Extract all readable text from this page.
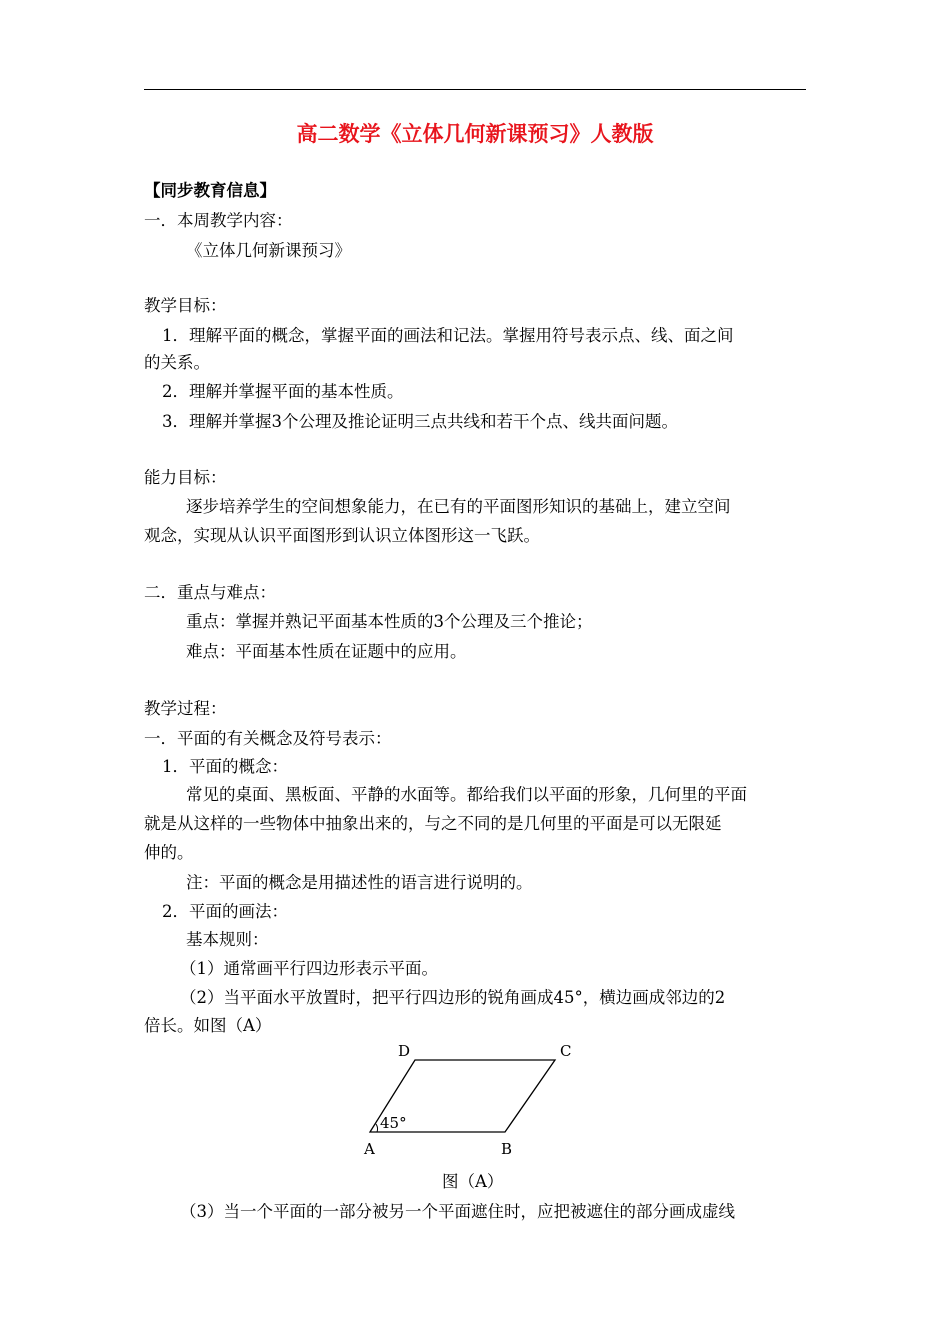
高二数学《立体几何新课预习》人教版
【同步教育信息】
一．本周教学内容：
《立体几何新课预习》
教学目标：
1．理解平面的概念，掌握平面的画法和记法。掌握用符号表示点、线、面之间
的关系。
2．理解并掌握平面的基本性质。
3．理解并掌握3个公理及推论证明三点共线和若干个点、线共面问题。
能力目标：
逐步培养学生的空间想象能力，在已有的平面图形知识的基础上，建立空间
观念，实现从认识平面图形到认识立体图形这一飞跃。
二．重点与难点：
重点：掌握并熟记平面基本性质的3个公理及三个推论；
难点：平面基本性质在证题中的应用。
教学过程：
一．平面的有关概念及符号表示：
1．平面的概念：
常见的桌面、黑板面、平静的水面等。都给我们以平面的形象，几何里的平面
就是从这样的一些物体中抽象出来的，与之不同的是几何里的平面是可以无限延
伸的。
注：平面的概念是用描述性的语言进行说明的。
2．平面的画法：
基本规则：
（1）通常画平行四边形表示平面。
（2）当平面水平放置时，把平行四边形的锐角画成45°，横边画成邻边的2
倍长。如图（A）
45°
A	B
C
D
图（A）
（3）当一个平面的一部分被另一个平面遮住时，应把被遮住的部分画成虚线
